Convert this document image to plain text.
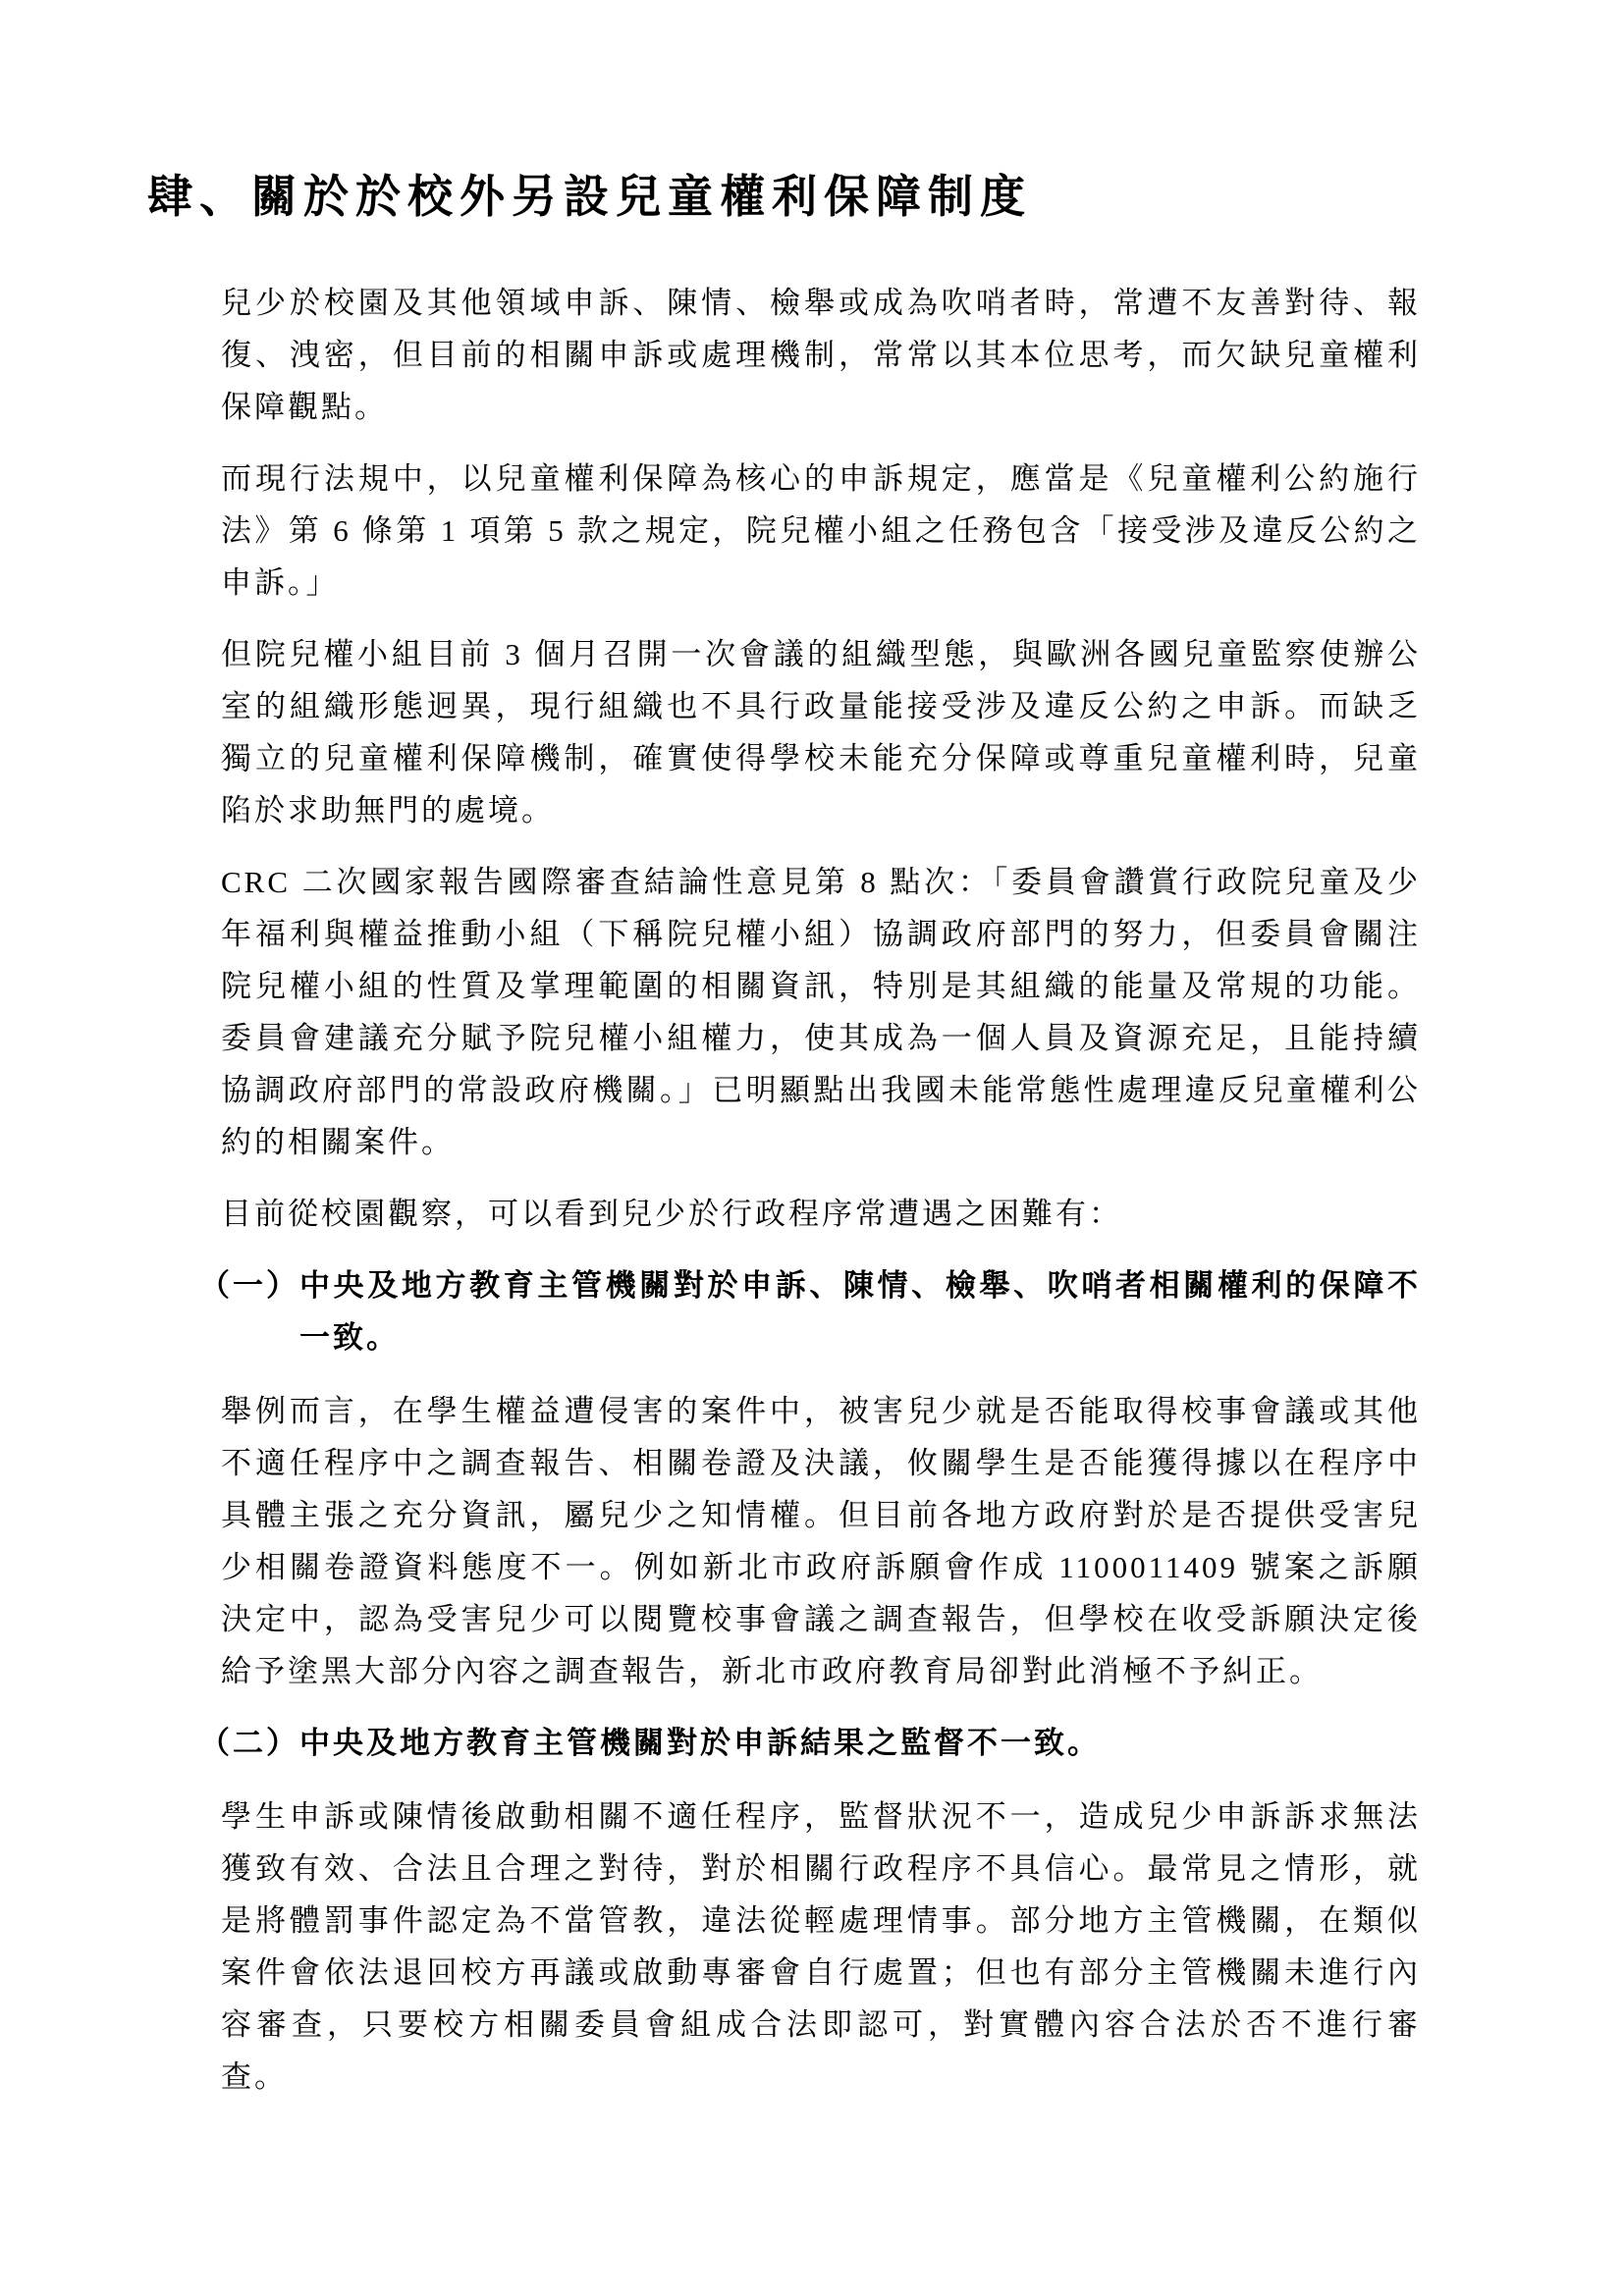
肆、關於於校外另設兒童權利保障制度

兒少於校園及其他領域申訴、陳情、檢舉或成為吹哨者時，常遭不友善對待、報復、洩密，但目前的相關申訴或處理機制，常常以其本位思考，而欠缺兒童權利保障觀點。

而現行法規中，以兒童權利保障為核心的申訴規定，應當是《兒童權利公約施行法》第 6 條第 1 項第 5 款之規定，院兒權小組之任務包含「接受涉及違反公約之申訴。」

但院兒權小組目前 3 個月召開一次會議的組織型態，與歐洲各國兒童監察使辦公室的組織形態迥異，現行組織也不具行政量能接受涉及違反公約之申訴。而缺乏獨立的兒童權利保障機制，確實使得學校未能充分保障或尊重兒童權利時，兒童陷於求助無門的處境。

CRC 二次國家報告國際審查結論性意見第 8 點次：「委員會讚賞行政院兒童及少年福利與權益推動小組（下稱院兒權小組）協調政府部門的努力，但委員會關注院兒權小組的性質及掌理範圍的相關資訊，特別是其組織的能量及常規的功能。委員會建議充分賦予院兒權小組權力，使其成為一個人員及資源充足，且能持續協調政府部門的常設政府機關。」已明顯點出我國未能常態性處理違反兒童權利公約的相關案件。

目前從校園觀察，可以看到兒少於行政程序常遭遇之困難有：

（一） 中央及地方教育主管機關對於申訴、陳情、檢舉、吹哨者相關權利的保障不一致。

舉例而言，在學生權益遭侵害的案件中，被害兒少就是否能取得校事會議或其他不適任程序中之調查報告、相關卷證及決議，攸關學生是否能獲得據以在程序中具體主張之充分資訊，屬兒少之知情權。但目前各地方政府對於是否提供受害兒少相關卷證資料態度不一。例如新北市政府訴願會作成 1100011409 號案之訴願決定中，認為受害兒少可以閱覽校事會議之調查報告，但學校在收受訴願決定後給予塗黑大部分內容之調查報告，新北市政府教育局卻對此消極不予糾正。

（二） 中央及地方教育主管機關對於申訴結果之監督不一致。

學生申訴或陳情後啟動相關不適任程序，監督狀況不一，造成兒少申訴訴求無法獲致有效、合法且合理之對待，對於相關行政程序不具信心。最常見之情形，就是將體罰事件認定為不當管教，違法從輕處理情事。部分地方主管機關，在類似案件會依法退回校方再議或啟動專審會自行處置；但也有部分主管機關未進行內容審查，只要校方相關委員會組成合法即認可，對實體內容合法於否不進行審查。
